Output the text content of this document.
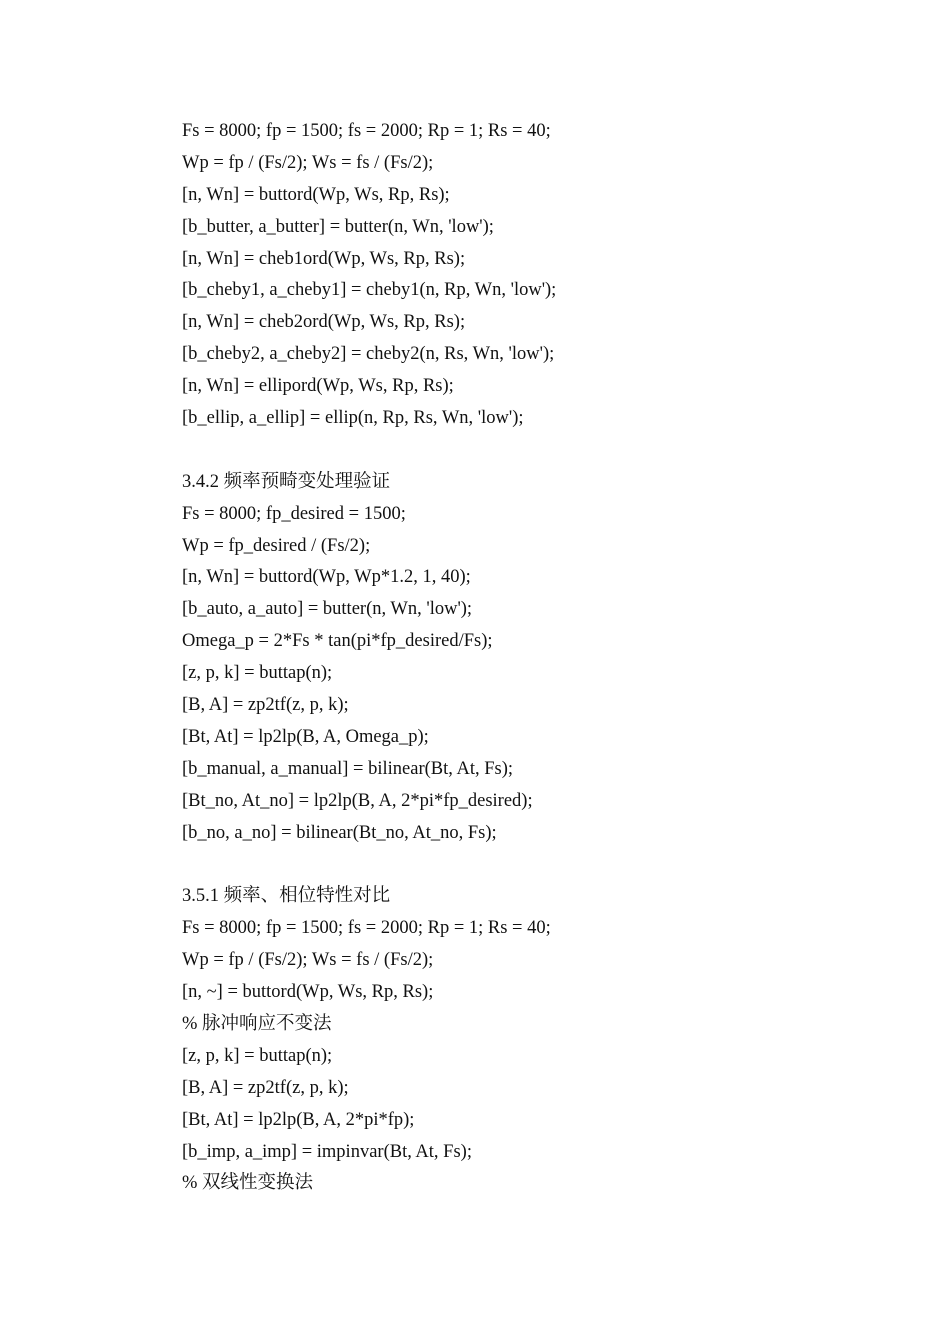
Fs = 8000; fp = 1500; fs = 2000; Rp = 1; Rs = 40;
Wp = fp / (Fs/2); Ws = fs / (Fs/2);
[n, Wn] = buttord(Wp, Ws, Rp, Rs);
[b_butter, a_butter] = butter(n, Wn, 'low');
[n, Wn] = cheb1ord(Wp, Ws, Rp, Rs);
[b_cheby1, a_cheby1] = cheby1(n, Rp, Wn, 'low');
[n, Wn] = cheb2ord(Wp, Ws, Rp, Rs);
[b_cheby2, a_cheby2] = cheby2(n, Rs, Wn, 'low');
[n, Wn] = ellipord(Wp, Ws, Rp, Rs);
[b_ellip, a_ellip] = ellip(n, Rp, Rs, Wn, 'low');
3.4.2 频率预畸变处理验证
Fs = 8000; fp_desired = 1500;
Wp = fp_desired / (Fs/2);
[n, Wn] = buttord(Wp, Wp*1.2, 1, 40);
[b_auto, a_auto] = butter(n, Wn, 'low');
Omega_p = 2*Fs * tan(pi*fp_desired/Fs);
[z, p, k] = buttap(n);
[B, A] = zp2tf(z, p, k);
[Bt, At] = lp2lp(B, A, Omega_p);
[b_manual, a_manual] = bilinear(Bt, At, Fs);
[Bt_no, At_no] = lp2lp(B, A, 2*pi*fp_desired);
[b_no, a_no] = bilinear(Bt_no, At_no, Fs);
3.5.1 频率、相位特性对比
Fs = 8000; fp = 1500; fs = 2000; Rp = 1; Rs = 40;
Wp = fp / (Fs/2); Ws = fs / (Fs/2);
[n, ~] = buttord(Wp, Ws, Rp, Rs);
% 脉冲响应不变法
[z, p, k] = buttap(n);
[B, A] = zp2tf(z, p, k);
[Bt, At] = lp2lp(B, A, 2*pi*fp);
[b_imp, a_imp] = impinvar(Bt, At, Fs);
% 双线性变换法
